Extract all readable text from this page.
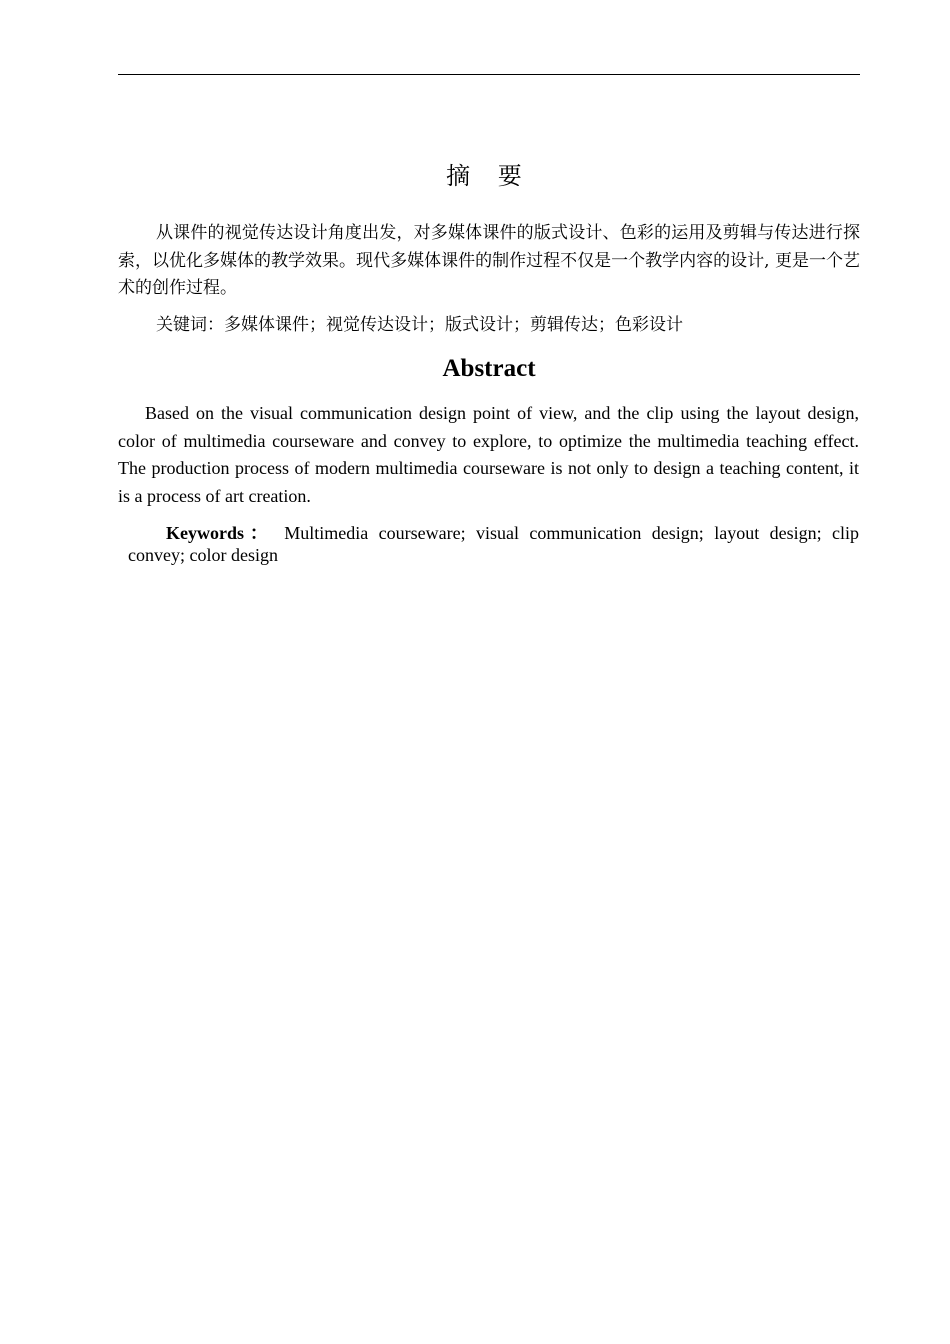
摘 要

从课件的视觉传达设计角度出发，对多媒体课件的版式设计、色彩的运用及剪辑与传达进行探索，以优化多媒体的教学效果。现代多媒体课件的制作过程不仅是一个教学内容的设计, 更是一个艺术的创作过程。

关键词：多媒体课件；视觉传达设计；版式设计；剪辑传达；色彩设计
Abstract

Based on the visual communication design point of view, and the clip using the layout design, color of multimedia courseware and convey to explore, to optimize the multimedia teaching effect. The production process of modern multimedia courseware is not only to design a teaching content, it is a process of art creation.

Keywords： Multimedia courseware; visual communication design; layout design; clip convey; color design
